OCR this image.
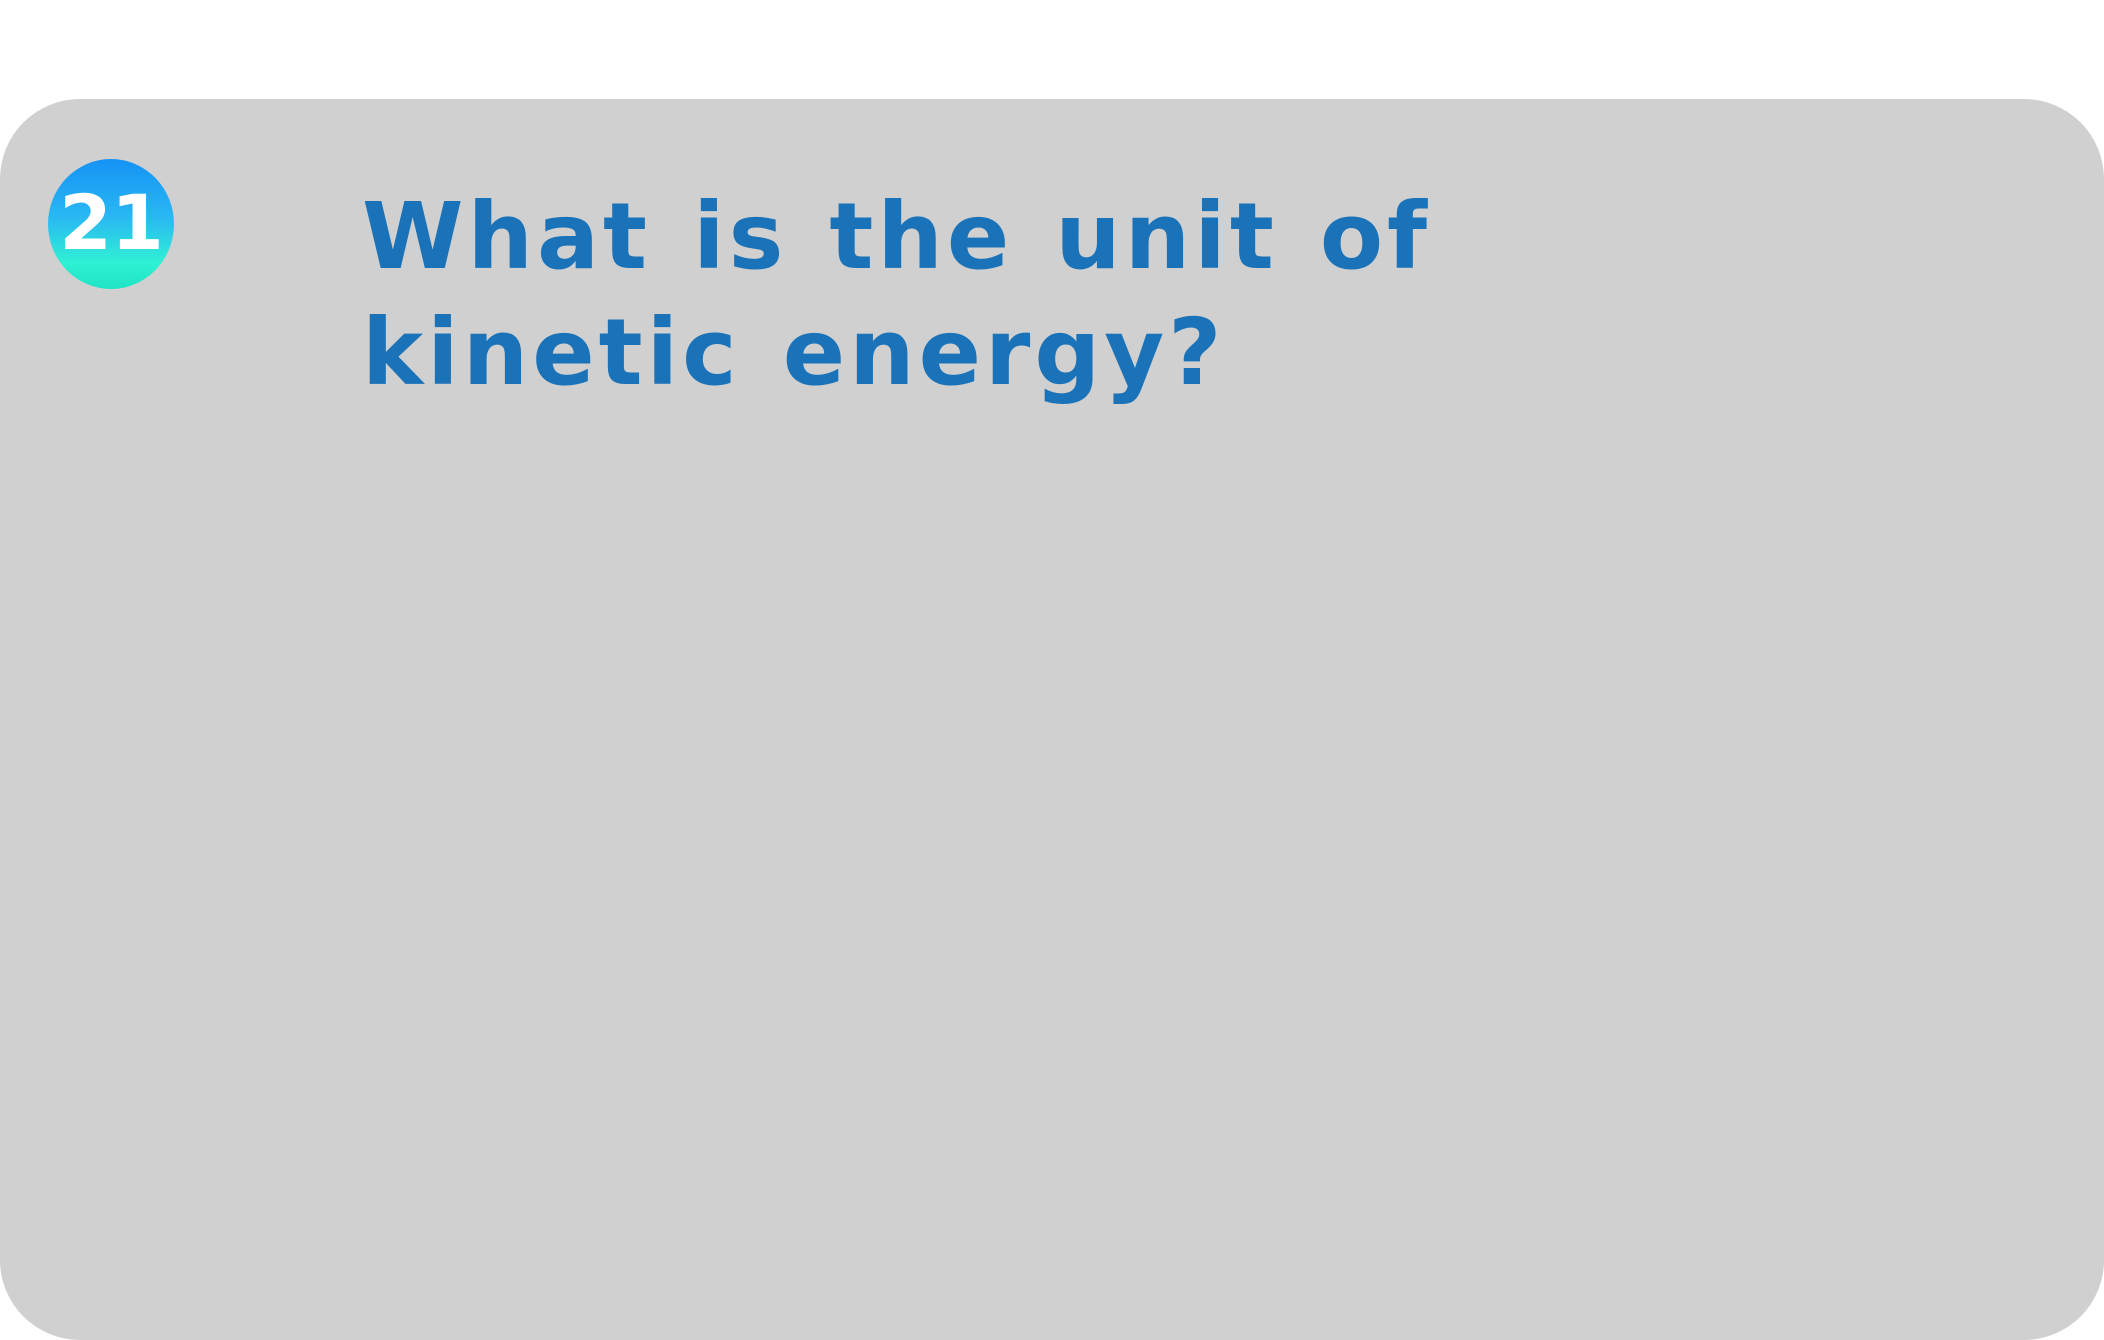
21 What is the unit of kinetic energy?
